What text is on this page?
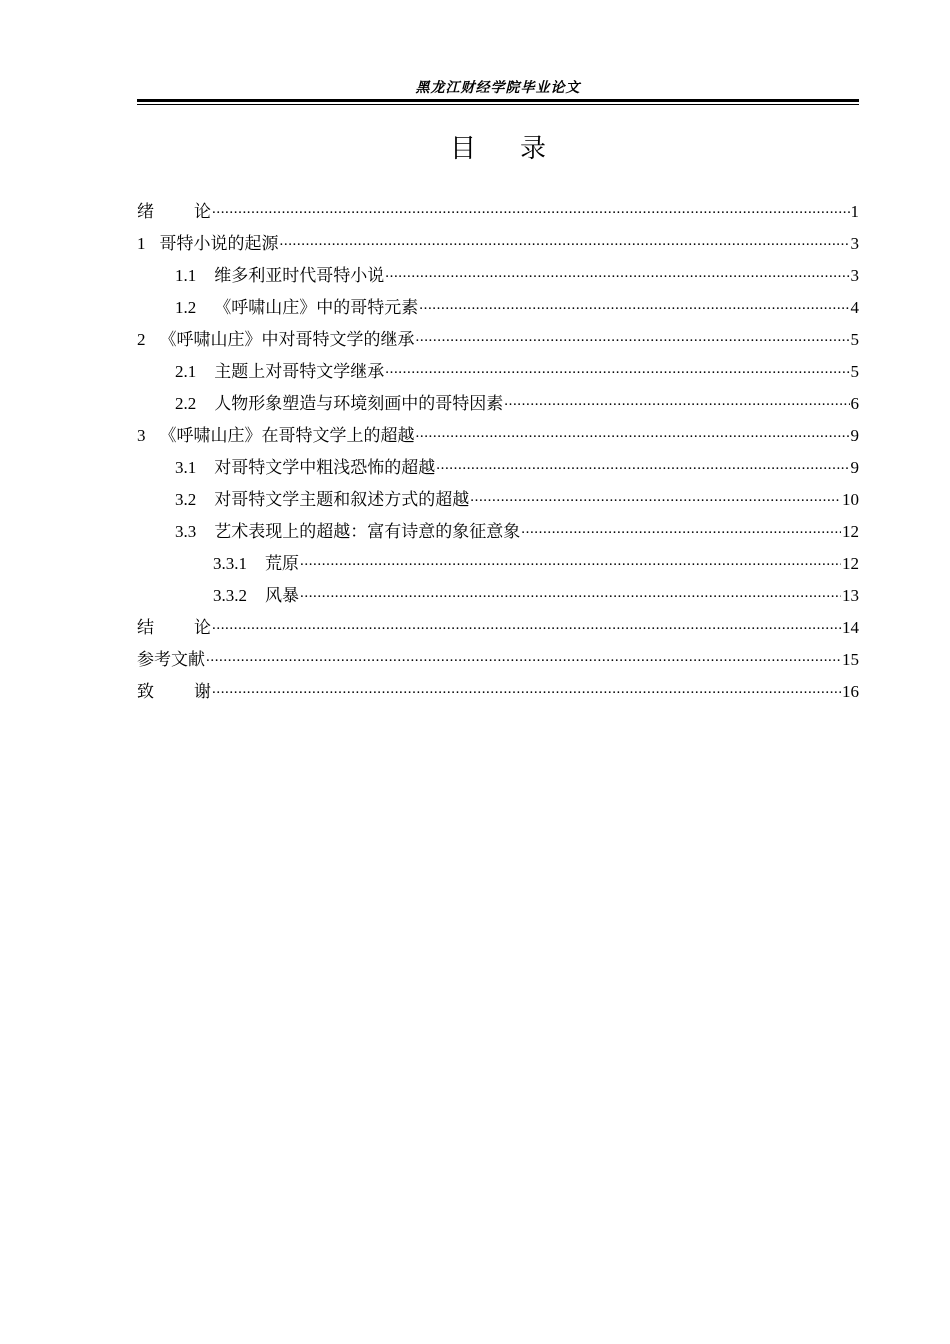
黑龙江财经学院毕业论文
目录
绪 论 .....	1
1 哥特小说的起源 .....	3
1.1 维多利亚时代哥特小说 .....	3
1.2 《呼啸山庄》中的哥特元素 .....	4
2 《呼啸山庄》中对哥特文学的继承 .....	5
2.1 主题上对哥特文学继承 .....	5
2.2 人物形象塑造与环境刻画中的哥特因素 .....	6
3 《呼啸山庄》在哥特文学上的超越 .....	9
3.1 对哥特文学中粗浅恐怖的超越 .....	9
3.2 对哥特文学主题和叙述方式的超越 .....	10
3.3 艺术表现上的超越：富有诗意的象征意象 .....	12
3.3.1 荒原 .....	12
3.3.2 风暴 .....	13
结 论 .....	14
参考文献 .....	15
致 谢 .....	16
